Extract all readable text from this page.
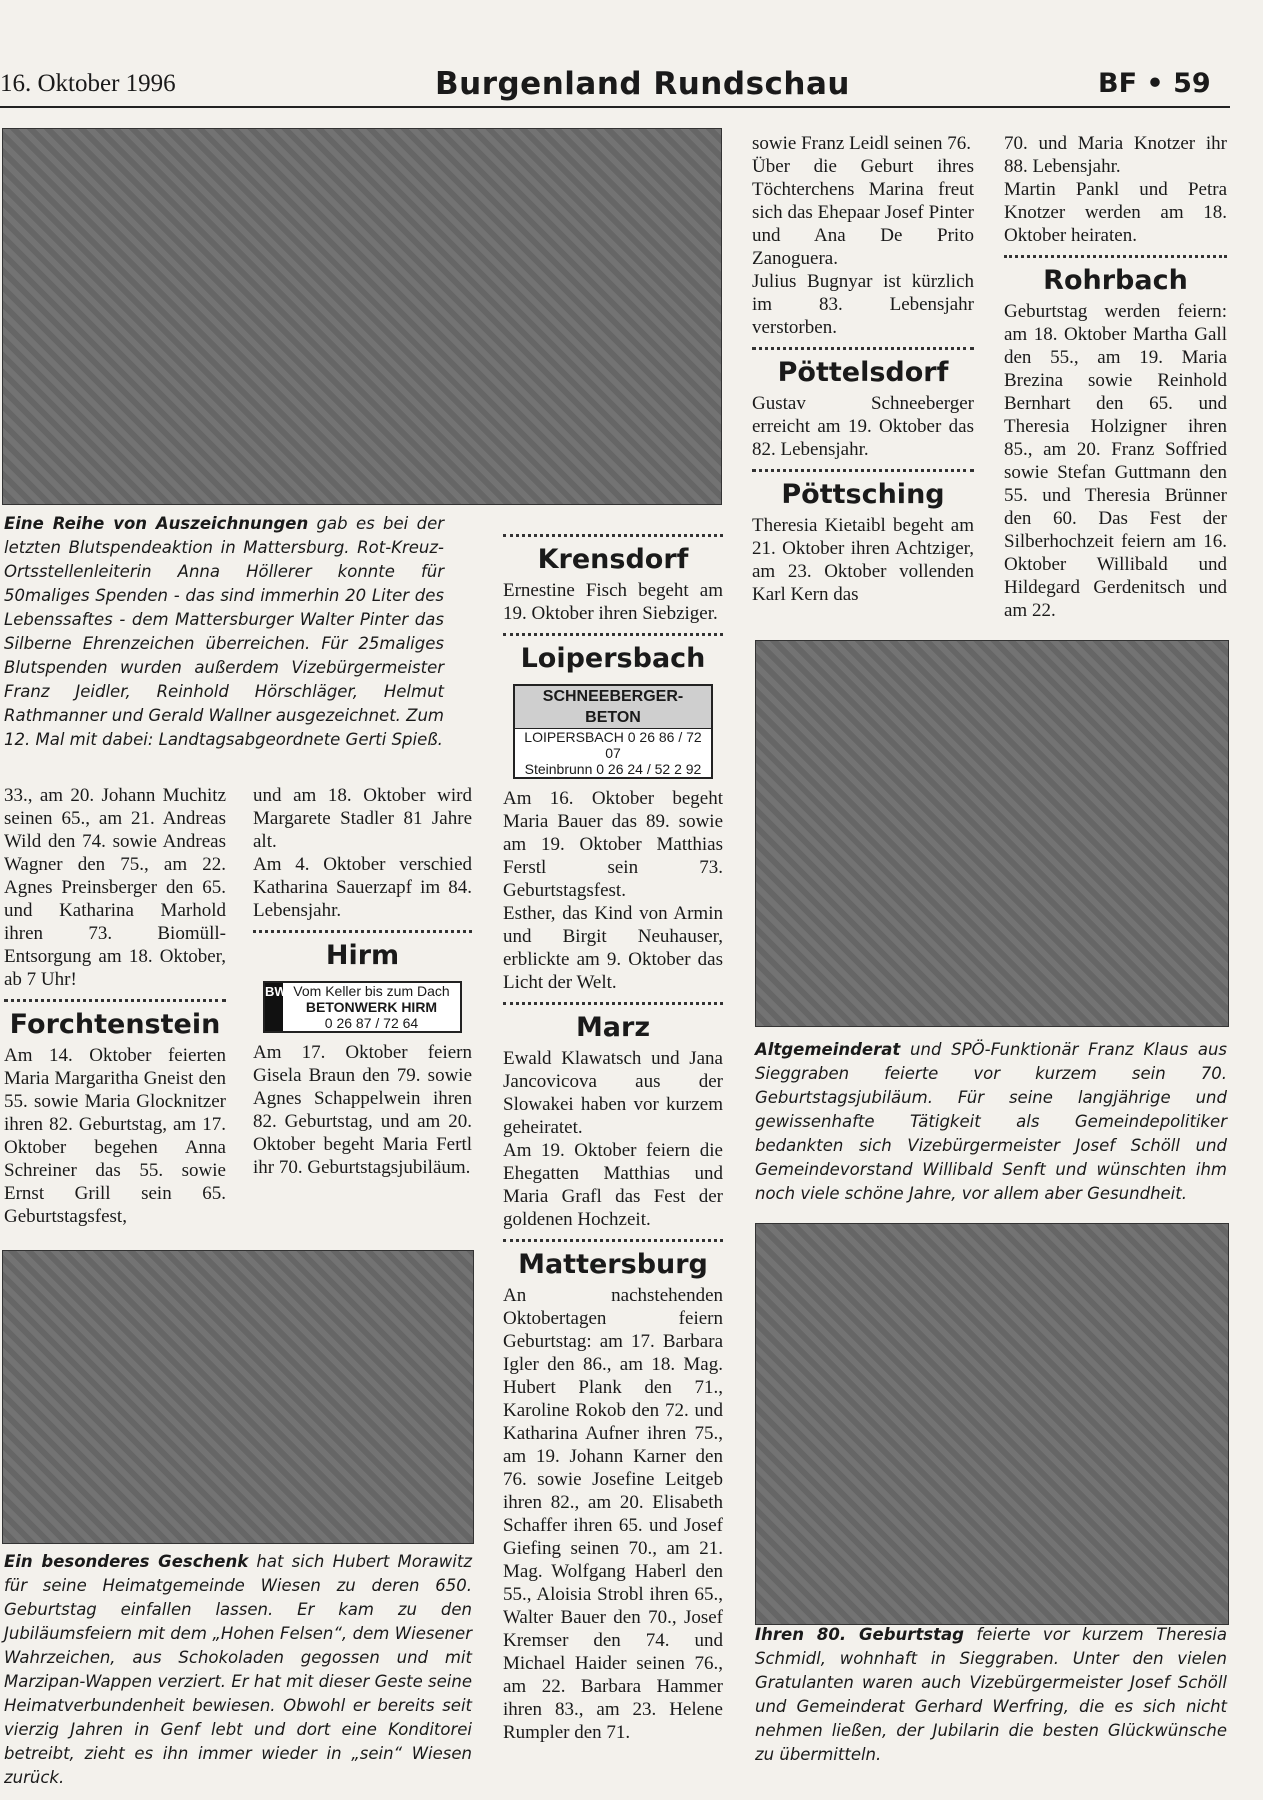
16. Oktober 1996	Burgenland Rundschau	BF • 59
Eine Reihe von Auszeichnungen gab es bei der letzten Blutspendeaktion in Mattersburg. Rot-Kreuz-Ortsstellenleiterin Anna Höllerer konnte für 50maliges Spenden - das sind immerhin 20 Liter des Lebenssaftes - dem Mattersburger Walter Pinter das Silberne Ehrenzeichen überreichen. Für 25maliges Blutspenden wurden außerdem Vizebürgermeister Franz Jeidler, Reinhold Hörschläger, Helmut Rathmanner und Gerald Wallner ausgezeichnet. Zum 12. Mal mit dabei: Landtagsabgeordnete Gerti Spieß.
Ein besonderes Geschenk hat sich Hubert Morawitz für seine Heimatgemeinde Wiesen zu deren 650. Geburtstag einfallen lassen. Er kam zu den Jubiläumsfeiern mit dem „Hohen Felsen“, dem Wiesener Wahrzeichen, aus Schokoladen gegossen und mit Marzipan-Wappen verziert. Er hat mit dieser Geste seine Heimatverbundenheit bewiesen. Obwohl er bereits seit vierzig Jahren in Genf lebt und dort eine Konditorei betreibt, zieht es ihn immer wieder in „sein“ Wiesen zurück.
Altgemeinderat und SPÖ-Funktionär Franz Klaus aus Sieggraben feierte vor kurzem sein 70. Geburtstagsjubiläum. Für seine langjährige und gewissenhafte Tätigkeit als Gemeindepolitiker bedankten sich Vizebürgermeister Josef Schöll und Gemeindevorstand Willibald Senft und wünschten ihm noch viele schöne Jahre, vor allem aber Gesundheit.
Ihren 80. Geburtstag feierte vor kurzem Theresia Schmidl, wohnhaft in Sieggraben. Unter den vielen Gratulanten waren auch Vizebürgermeister Josef Schöll und Gemeinderat Gerhard Werfring, die es sich nicht nehmen ließen, der Jubilarin die besten Glückwünsche zu übermitteln.

33., am 20. Johann Muchitz seinen 65., am 21. Andreas Wild den 74. sowie Andreas Wagner den 75., am 22. Agnes Preinsberger den 65. und Katharina Marhold ihren 73. Biomüll-Entsorgung am 18. Oktober, ab 7 Uhr!

Forchtenstein

Am 14. Oktober feierten Maria Margaritha Gneist den 55. sowie Maria Glocknitzer ihren 82. Geburtstag, am 17. Oktober begehen Anna Schreiner das 55. sowie Ernst Grill sein 65. Geburtstagsfest,

und am 18. Oktober wird Margarete Stadler 81 Jahre alt.

Am 4. Oktober verschied Katharina Sauerzapf im 84. Lebensjahr.

Hirm
BWH
Vom Keller bis zum Dach
BETONWERK HIRM
0 26 87 / 72 64

Am 17. Oktober feiern Gisela Braun den 79. sowie Agnes Schappelwein ihren 82. Geburtstag, und am 20. Oktober begeht Maria Fertl ihr 70. Geburtstagsjubiläum.

Krensdorf

Ernestine Fisch begeht am 19. Oktober ihren Siebziger.

Loipersbach
SCHNEEBERGER-BETON
LOIPERSBACH 0 26 86 / 72 07
Steinbrunn 0 26 24 / 52 2 92

Am 16. Oktober begeht Maria Bauer das 89. sowie am 19. Oktober Matthias Ferstl sein 73. Geburtstagsfest.

Esther, das Kind von Armin und Birgit Neuhauser, erblickte am 9. Oktober das Licht der Welt.

Marz

Ewald Klawatsch und Jana Jancovicova aus der Slowakei haben vor kurzem geheiratet.

Am 19. Oktober feiern die Ehegatten Matthias und Maria Grafl das Fest der goldenen Hochzeit.

Mattersburg

An nachstehenden Oktobertagen feiern Geburtstag: am 17. Barbara Igler den 86., am 18. Mag. Hubert Plank den 71., Karoline Rokob den 72. und Katharina Aufner ihren 75., am 19. Johann Karner den 76. sowie Josefine Leitgeb ihren 82., am 20. Elisabeth Schaffer ihren 65. und Josef Giefing seinen 70., am 21. Mag. Wolfgang Haberl den 55., Aloisia Strobl ihren 65., Walter Bauer den 70., Josef Kremser den 74. und Michael Haider seinen 76., am 22. Barbara Hammer ihren 83., am 23. Helene Rumpler den 71.

sowie Franz Leidl seinen 76.

Über die Geburt ihres Töchterchens Marina freut sich das Ehepaar Josef Pinter und Ana De Prito Zanoguera.

Julius Bugnyar ist kürzlich im 83. Lebensjahr verstorben.

Pöttelsdorf

Gustav Schneeberger erreicht am 19. Oktober das 82. Lebensjahr.

Pöttsching

Theresia Kietaibl begeht am 21. Oktober ihren Achtziger, am 23. Oktober vollenden Karl Kern das

70. und Maria Knotzer ihr 88. Lebensjahr.

Martin Pankl und Petra Knotzer werden am 18. Oktober heiraten.

Rohrbach

Geburtstag werden feiern: am 18. Oktober Martha Gall den 55., am 19. Maria Brezina sowie Reinhold Bernhart den 65. und Theresia Holzigner ihren 85., am 20. Franz Soffried sowie Stefan Guttmann den 55. und Theresia Brünner den 60. Das Fest der Silberhochzeit feiern am 16. Oktober Willibald und Hildegard Gerdenitsch und am 22.
